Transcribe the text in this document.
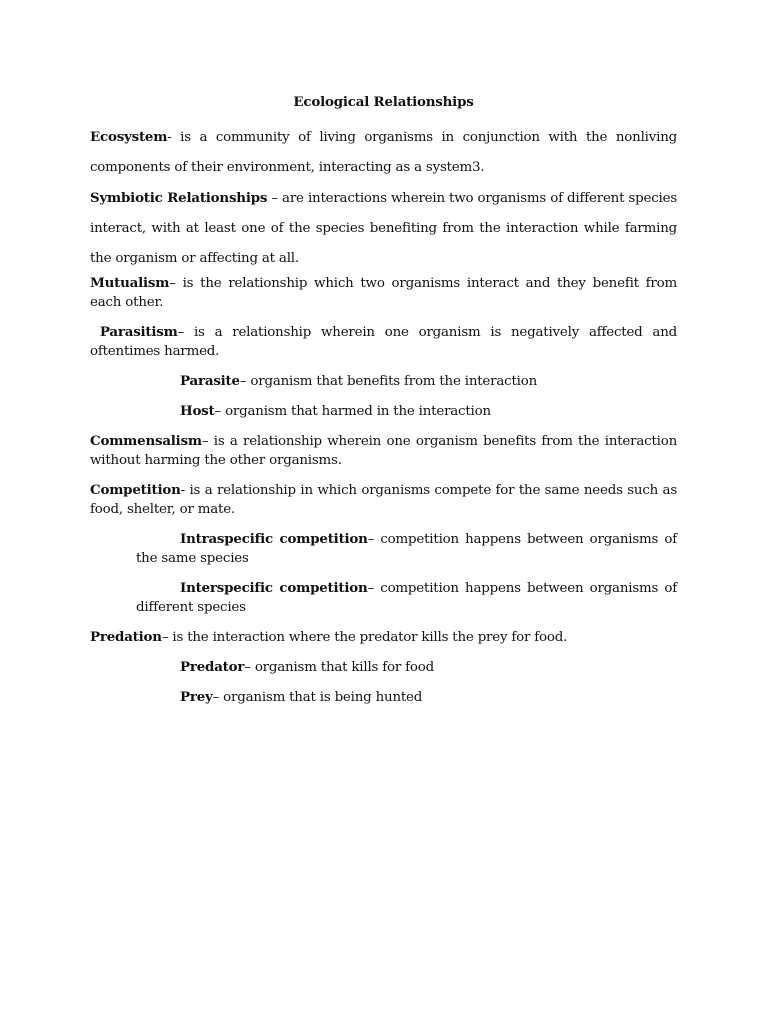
Ecological Relationships

Ecosystem- is a community of living organisms in conjunction with the nonliving components of their environment, interacting as a system3.

Symbiotic Relationships – are interactions wherein two organisms of different species interact, with at least one of the species benefiting from the interaction while farming the organism or affecting at all.

Mutualism– is the relationship which two organisms interact and they benefit from each other.

Parasitism– is a relationship wherein one organism is negatively affected and oftentimes harmed.

Parasite– organism that benefits from the interaction

Host– organism that harmed in the interaction

Commensalism– is a relationship wherein one organism benefits from the interaction without harming the other organisms.

Competition- is a relationship in which organisms compete for the same needs such as food, shelter, or mate.

Intraspecific competition– competition happens between organisms of the same species

Interspecific competition– competition happens between organisms of different species

Predation– is the interaction where the predator kills the prey for food.

Predator– organism that kills for food

Prey– organism that is being hunted
